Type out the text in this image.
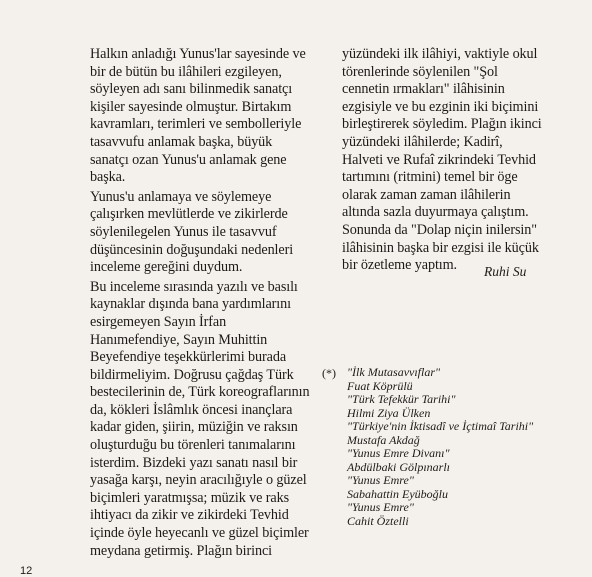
Halkın anladığı Yunus'lar sayesinde ve
bir de bütün bu ilâhileri ezgileyen,
söyleyen adı sanı bilinmedik sanatçı
kişiler sayesinde olmuştur. Birtakım
kavramları, terimleri ve sembolleriyle
tasavvufu anlamak başka, büyük
sanatçı ozan Yunus'u anlamak gene
başka.

Yunus'u anlamaya ve söylemeye
çalışırken mevlütlerde ve zikirlerde
söylenilegelen Yunus ile tasavvuf
düşüncesinin doğuşundaki nedenleri
inceleme gereğini duydum.

Bu inceleme sırasında yazılı ve basılı
kaynaklar dışında bana yardımlarını
esirgemeyen Sayın İrfan
Hanımefendiye, Sayın Muhittin
Beyefendiye teşekkürlerimi burada
bildirmeliyim. Doğrusu çağdaş Türk
bestecilerinin de, Türk koreograflarının
da, kökleri İslâmlık öncesi inançlara
kadar giden, şiirin, müziğin ve raksın
oluşturduğu bu törenleri tanımalarını
isterdim. Bizdeki yazı sanatı nasıl bir
yasağa karşı, neyin aracılığıyle o güzel
biçimleri yaratmışsa; müzik ve raks
ihtiyacı da zikir ve zikirdeki Tevhid
içinde öyle heyecanlı ve güzel biçimler
meydana getirmiş. Plağın birinci

yüzündeki ilk ilâhiyi, vaktiyle okul
törenlerinde söylenilen "Şol
cennetin ırmakları" ilâhisinin
ezgisiyle ve bu ezginin iki biçimini
birleştirerek söyledim. Plağın ikinci
yüzündeki ilâhilerde; Kadirî,
Halveti ve Rufaî zikrindeki Tevhid
tartımını (ritmini) temel bir öge
olarak zaman zaman ilâhilerin
altında sazla duyurmaya çalıştım.
Sonunda da "Dolap niçin inilersin"
ilâhisinin başka bir ezgisi ile küçük
bir özetleme yaptım.	Ruhi Su
(*) "İlk Mutasavvıflar"
Fuat Köprülü
"Türk Tefekkür Tarihi"
Hilmi Ziya Ülken
"Türkiye'nin İktisadî ve İçtimaî Tarihi"
Mustafa Akdağ
"Yunus Emre Divanı"
Abdülbaki Gölpınarlı
"Yunus Emre"
Sabahattin Eyüboğlu
"Yunus Emre"
Cahit Öztelli
12
